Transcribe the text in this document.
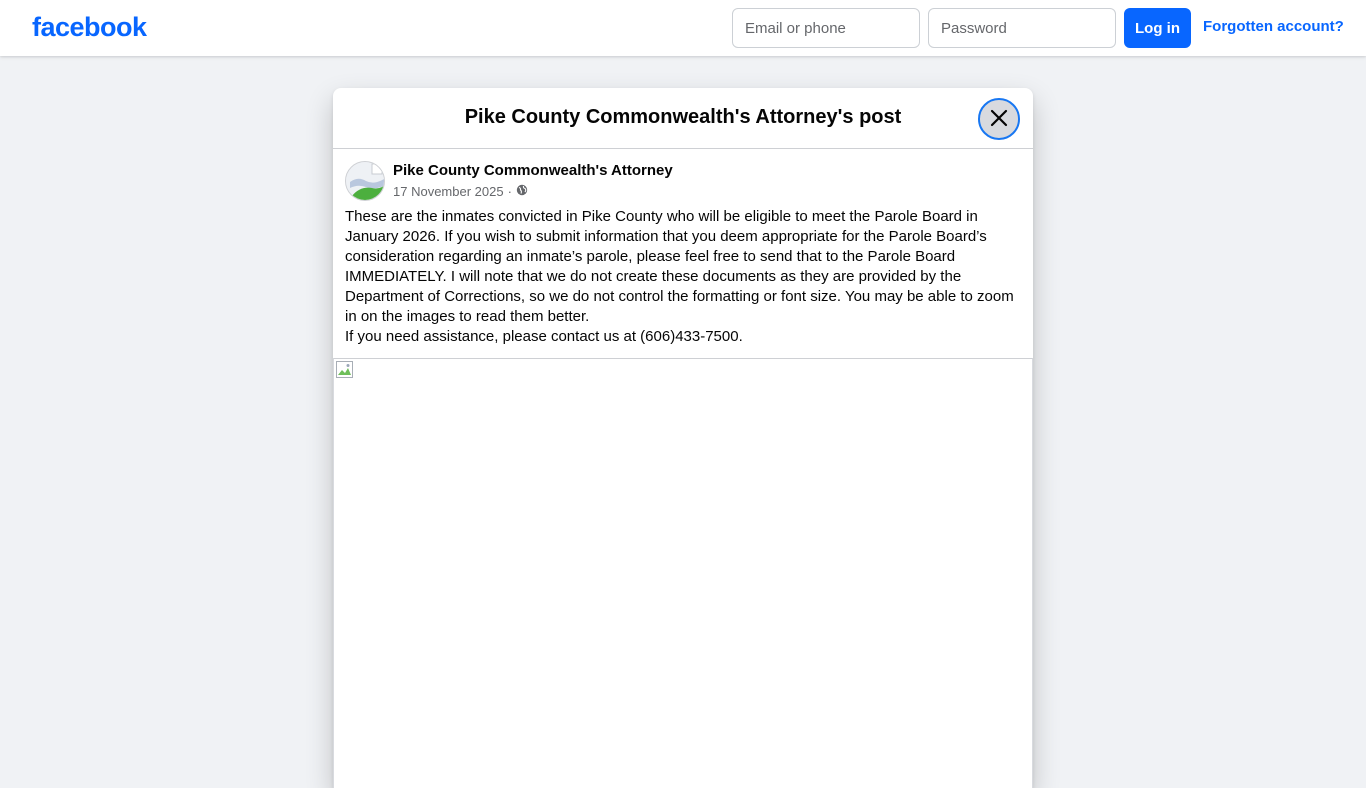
facebook
Email or phone	Log in	Forgotten account?
Pike County Commonwealth's Attorney's post
Pike County Commonwealth's Attorney
17 November 2025 ·

These are the inmates convicted in Pike County who will be eligible to meet the Parole Board in January 2026. If you wish to submit information that you deem appropriate for the Parole Board’s consideration regarding an inmate’s parole, please feel free to send that to the Parole Board IMMEDIATELY. I will note that we do not create these documents as they are provided by the Department of Corrections, so we do not control the formatting or font size. You may be able to zoom in on the images to read them better.

If you need assistance, please contact us at (606)433-7500.
